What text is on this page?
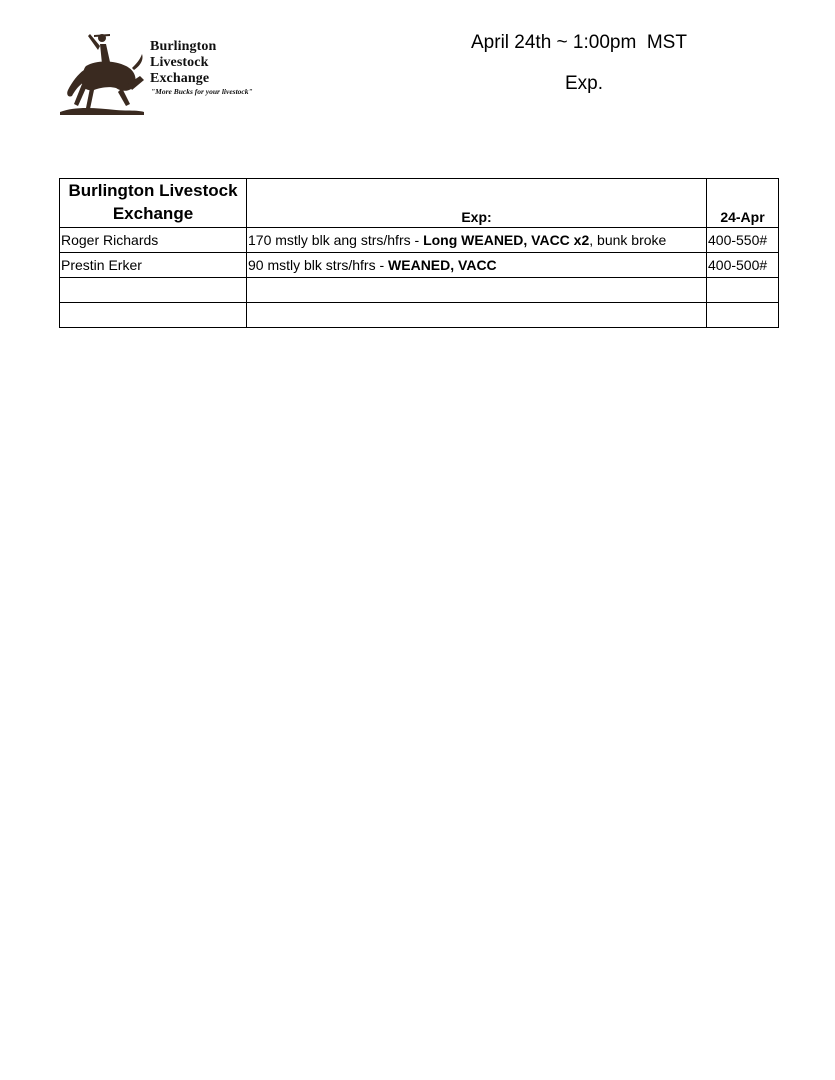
Burlington
Livestock
Exchange
"More Bucks for your livestock"
April 24th ~ 1:00pm  MST
Exp.
Burlington Livestock Exchange	Exp:	24-Apr
Roger Richards	170 mstly blk ang strs/hfrs - Long WEANED, VACC x2, bunk broke	400-550#
Prestin Erker	90 mstly blk strs/hfrs - WEANED, VACC	400-500#
